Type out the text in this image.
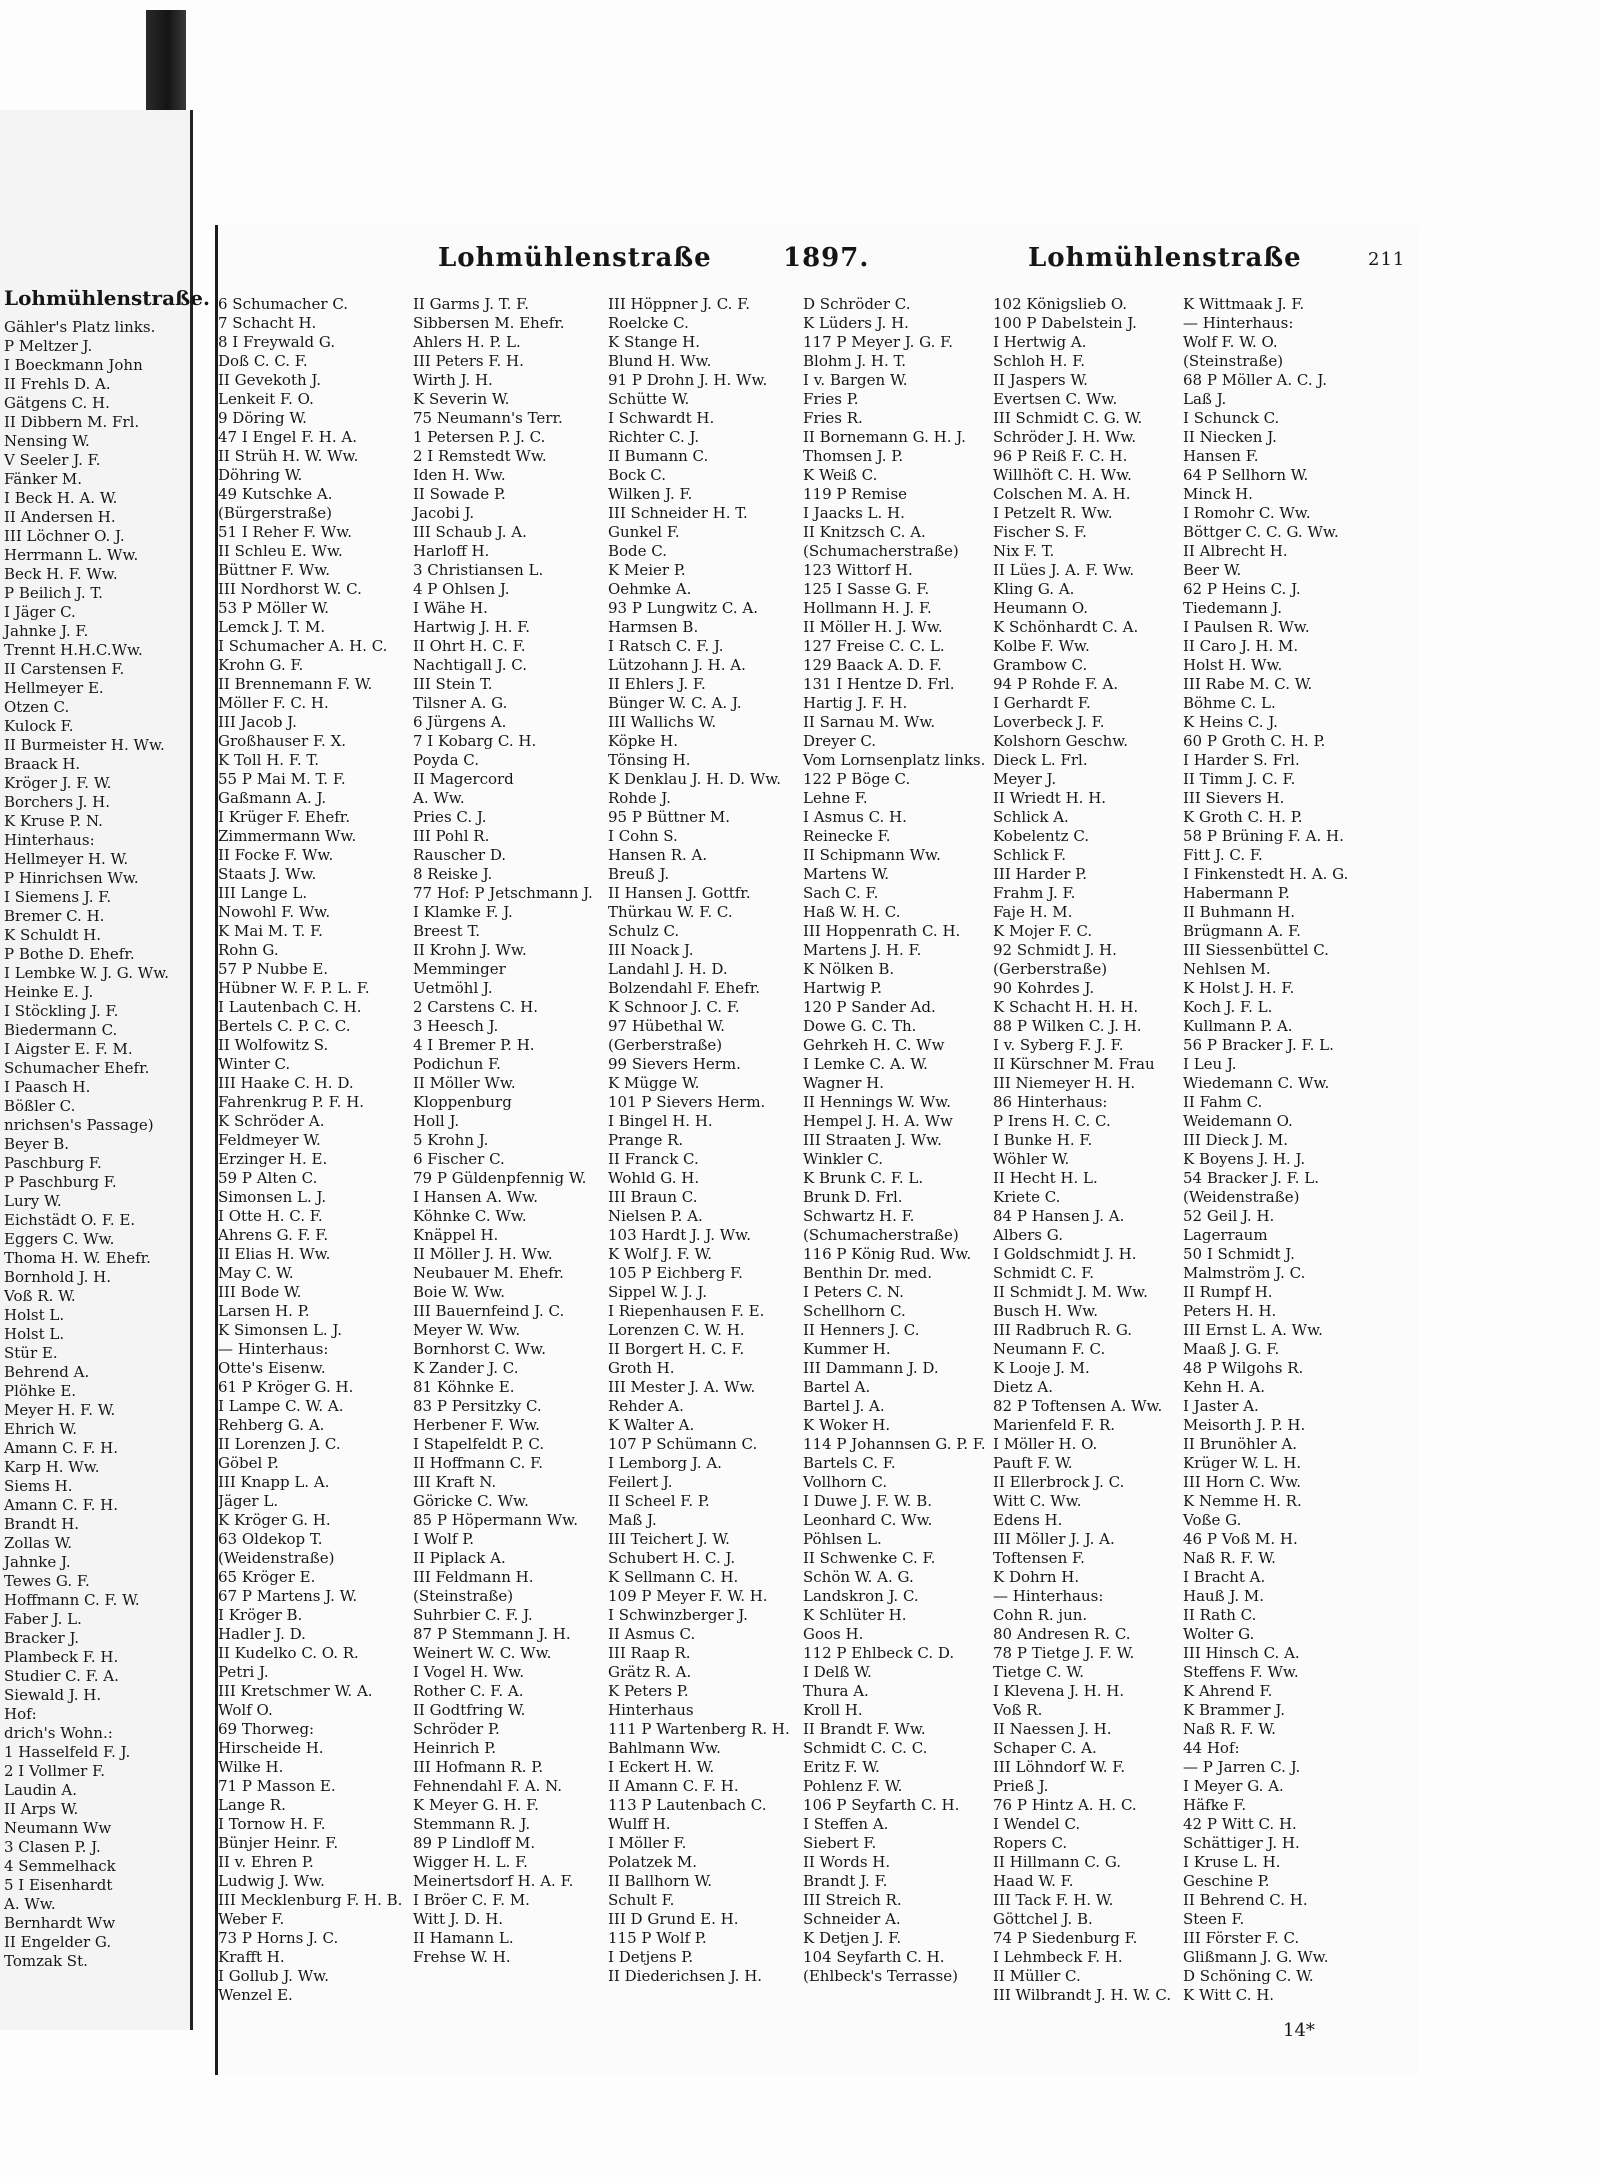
Lohmühlenstraße.
Gähler's Platz links.
P Meltzer J.
I Boeckmann John
II Frehls D. A.
Gätgens C. H.
II Dibbern M. Frl.
Nensing W.
V Seeler J. F.
Fänker M.
I Beck H. A. W.
II Andersen H.
III Löchner O. J.
Herrmann L. Ww.
Beck H. F. Ww.
P Beilich J. T.
I Jäger C.
Jahnke J. F.
Trennt H.H.C.Ww.
II Carstensen F.
Hellmeyer E.
Otzen C.
Kulock F.
II Burmeister H. Ww.
Braack H.
Kröger J. F. W.
Borchers J. H.
K Kruse P. N.
Hinterhaus:
Hellmeyer H. W.
P Hinrichsen Ww.
I Siemens J. F.
Bremer C. H.
K Schuldt H.
P Bothe D. Ehefr.
I Lembke W. J. G. Ww.
Heinke E. J.
I Stöckling J. F.
Biedermann C.
I Aigster E. F. M.
Schumacher Ehefr.
I Paasch H.
Bößler C.
nrichsen's Passage)
Beyer B.
Paschburg F.
P Paschburg F.
Lury W.
Eichstädt O. F. E.
Eggers C. Ww.
Thoma H. W. Ehefr.
Bornhold J. H.
Voß R. W.
Holst L.
Holst L.
Stür E.
Behrend A.
Plöhke E.
Meyer H. F. W.
Ehrich W.
Amann C. F. H.
Karp H. Ww.
Siems H.
Amann C. F. H.
Brandt H.
Zollas W.
Jahnke J.
Tewes G. F.
Hoffmann C. F. W.
Faber J. L.
Bracker J.
Plambeck F. H.
Studier C. F. A.
Siewald J. H.
Hof:
drich's Wohn.:
1 Hasselfeld F. J.
2 I Vollmer F.
Laudin A.
II Arps W.
Neumann Ww
3 Clasen P. J.
4 Semmelhack
5 I Eisenhardt
A. Ww.
Bernhardt Ww
II Engelder G.
Tomzak St.
Lohmühlenstraße	1897.	Lohmühlenstraße	211
6 Schumacher C.
7 Schacht H.
8 I Freywald G.
Doß C. C. F.
II Gevekoth J.
Lenkeit F. O.
9 Döring W.
47 I Engel F. H. A.
II Strüh H. W. Ww.
Döhring W.
49 Kutschke A.
(Bürgerstraße)
51 I Reher F. Ww.
II Schleu E. Ww.
Büttner F. Ww.
III Nordhorst W. C.
53 P Möller W.
Lemck J. T. M.
I Schumacher A. H. C.
Krohn G. F.
II Brennemann F. W.
Möller F. C. H.
III Jacob J.
Großhauser F. X.
K Toll H. F. T.
55 P Mai M. T. F.
Gaßmann A. J.
I Krüger F. Ehefr.
Zimmermann Ww.
II Focke F. Ww.
Staats J. Ww.
III Lange L.
Nowohl F. Ww.
K Mai M. T. F.
Rohn G.
57 P Nubbe E.
Hübner W. F. P. L. F.
I Lautenbach C. H.
Bertels C. P. C. C.
II Wolfowitz S.
Winter C.
III Haake C. H. D.
Fahrenkrug P. F. H.
K Schröder A.
Feldmeyer W.
Erzinger H. E.
59 P Alten C.
Simonsen L. J.
I Otte H. C. F.
Ahrens G. F. F.
II Elias H. Ww.
May C. W.
III Bode W.
Larsen H. P.
K Simonsen L. J.
— Hinterhaus:
Otte's Eisenw.
61 P Kröger G. H.
I Lampe C. W. A.
Rehberg G. A.
II Lorenzen J. C.
Göbel P.
III Knapp L. A.
Jäger L.
K Kröger G. H.
63 Oldekop T.
(Weidenstraße)
65 Kröger E.
67 P Martens J. W.
I Kröger B.
Hadler J. D.
II Kudelko C. O. R.
Petri J.
III Kretschmer W. A.
Wolf O.
69 Thorweg:
Hirscheide H.
Wilke H.
71 P Masson E.
Lange R.
I Tornow H. F.
Bünjer Heinr. F.
II v. Ehren P.
Ludwig J. Ww.
III Mecklenburg F. H. B.
Weber F.
73 P Horns J. C.
Krafft H.
I Gollub J. Ww.
Wenzel E.
II Garms J. T. F.
Sibbersen M. Ehefr.
Ahlers H. P. L.
III Peters F. H.
Wirth J. H.
K Severin W.
75 Neumann's Terr.
1 Petersen P. J. C.
2 I Remstedt Ww.
Iden H. Ww.
II Sowade P.
Jacobi J.
III Schaub J. A.
Harloff H.
3 Christiansen L.
4 P Ohlsen J.
I Wähe H.
Hartwig J. H. F.
II Ohrt H. C. F.
Nachtigall J. C.
III Stein T.
Tilsner A. G.
6 Jürgens A.
7 I Kobarg C. H.
Poyda C.
II Magercord
A. Ww.
Pries C. J.
III Pohl R.
Rauscher D.
8 Reiske J.
77 Hof: P Jetschmann J.
I Klamke F. J.
Breest T.
II Krohn J. Ww.
Memminger
Uetmöhl J.
2 Carstens C. H.
3 Heesch J.
4 I Bremer P. H.
Podichun F.
II Möller Ww.
Kloppenburg
Holl J.
5 Krohn J.
6 Fischer C.
79 P Güldenpfennig W.
I Hansen A. Ww.
Köhnke C. Ww.
Knäppel H.
II Möller J. H. Ww.
Neubauer M. Ehefr.
Boie W. Ww.
III Bauernfeind J. C.
Meyer W. Ww.
Bornhorst C. Ww.
K Zander J. C.
81 Köhnke E.
83 P Persitzky C.
Herbener F. Ww.
I Stapelfeldt P. C.
II Hoffmann C. F.
III Kraft N.
Göricke C. Ww.
85 P Höpermann Ww.
I Wolf P.
II Piplack A.
III Feldmann H.
(Steinstraße)
Suhrbier C. F. J.
87 P Stemmann J. H.
Weinert W. C. Ww.
I Vogel H. Ww.
Rother C. F. A.
II Godtfring W.
Schröder P.
Heinrich P.
III Hofmann R. P.
Fehnendahl F. A. N.
K Meyer G. H. F.
Stemmann R. J.
89 P Lindloff M.
Wigger H. L. F.
Meinertsdorf H. A. F.
I Bröer C. F. M.
Witt J. D. H.
II Hamann L.
Frehse W. H.
III Höppner J. C. F.
Roelcke C.
K Stange H.
Blund H. Ww.
91 P Drohn J. H. Ww.
Schütte W.
I Schwardt H.
Richter C. J.
II Bumann C.
Bock C.
Wilken J. F.
III Schneider H. T.
Gunkel F.
Bode C.
K Meier P.
Oehmke A.
93 P Lungwitz C. A.
Harmsen B.
I Ratsch C. F. J.
Lützohann J. H. A.
II Ehlers J. F.
Bünger W. C. A. J.
III Wallichs W.
Köpke H.
Tönsing H.
K Denklau J. H. D. Ww.
Rohde J.
95 P Büttner M.
I Cohn S.
Hansen R. A.
Breuß J.
II Hansen J. Gottfr.
Thürkau W. F. C.
Schulz C.
III Noack J.
Landahl J. H. D.
Bolzendahl F. Ehefr.
K Schnoor J. C. F.
97 Hübethal W.
(Gerberstraße)
99 Sievers Herm.
K Mügge W.
101 P Sievers Herm.
I Bingel H. H.
Prange R.
II Franck C.
Wohld G. H.
III Braun C.
Nielsen P. A.
103 Hardt J. J. Ww.
K Wolf J. F. W.
105 P Eichberg F.
Sippel W. J. J.
I Riepenhausen F. E.
Lorenzen C. W. H.
II Borgert H. C. F.
Groth H.
III Mester J. A. Ww.
Rehder A.
K Walter A.
107 P Schümann C.
I Lemborg J. A.
Feilert J.
II Scheel F. P.
Maß J.
III Teichert J. W.
Schubert H. C. J.
K Sellmann C. H.
109 P Meyer F. W. H.
I Schwinzberger J.
II Asmus C.
III Raap R.
Grätz R. A.
K Peters P.
Hinterhaus
111 P Wartenberg R. H.
Bahlmann Ww.
I Eckert H. W.
II Amann C. F. H.
113 P Lautenbach C.
Wulff H.
I Möller F.
Polatzek M.
II Ballhorn W.
Schult F.
III D Grund E. H.
115 P Wolf P.
I Detjens P.
II Diederichsen J. H.
D Schröder C.
K Lüders J. H.
117 P Meyer J. G. F.
Blohm J. H. T.
I v. Bargen W.
Fries P.
Fries R.
II Bornemann G. H. J.
Thomsen J. P.
K Weiß C.
119 P Remise
I Jaacks L. H.
II Knitzsch C. A.
(Schumacherstraße)
123 Wittorf H.
125 I Sasse G. F.
Hollmann H. J. F.
II Möller H. J. Ww.
127 Freise C. C. L.
129 Baack A. D. F.
131 I Hentze D. Frl.
Hartig J. F. H.
II Sarnau M. Ww.
Dreyer C.
Vom Lornsenplatz links.
122 P Böge C.
Lehne F.
I Asmus C. H.
Reinecke F.
II Schipmann Ww.
Martens W.
Sach C. F.
Haß W. H. C.
III Hoppenrath C. H.
Martens J. H. F.
K Nölken B.
Hartwig P.
120 P Sander Ad.
Dowe G. C. Th.
Gehrkeh H. C. Ww
I Lemke C. A. W.
Wagner H.
II Hennings W. Ww.
Hempel J. H. A. Ww
III Straaten J. Ww.
Winkler C.
K Brunk C. F. L.
Brunk D. Frl.
Schwartz H. F.
(Schumacherstraße)
116 P König Rud. Ww.
Benthin Dr. med.
I Peters C. N.
Schellhorn C.
II Henners J. C.
Kummer H.
III Dammann J. D.
Bartel A.
Bartel J. A.
K Woker H.
114 P Johannsen G. P. F.
Bartels C. F.
Vollhorn C.
I Duwe J. F. W. B.
Leonhard C. Ww.
Pöhlsen L.
II Schwenke C. F.
Schön W. A. G.
Landskron J. C.
K Schlüter H.
Goos H.
112 P Ehlbeck C. D.
I Delß W.
Thura A.
Kroll H.
II Brandt F. Ww.
Schmidt C. C. C.
Eritz F. W.
Pohlenz F. W.
106 P Seyfarth C. H.
I Steffen A.
Siebert F.
II Words H.
Brandt J. F.
III Streich R.
Schneider A.
K Detjen J. F.
104 Seyfarth C. H.
(Ehlbeck's Terrasse)
102 Königslieb O.
100 P Dabelstein J.
I Hertwig A.
Schloh H. F.
II Jaspers W.
Evertsen C. Ww.
III Schmidt C. G. W.
Schröder J. H. Ww.
96 P Reiß F. C. H.
Willhöft C. H. Ww.
Colschen M. A. H.
I Petzelt R. Ww.
Fischer S. F.
Nix F. T.
II Lües J. A. F. Ww.
Kling G. A.
Heumann O.
K Schönhardt C. A.
Kolbe F. Ww.
Grambow C.
94 P Rohde F. A.
I Gerhardt F.
Loverbeck J. F.
Kolshorn Geschw.
Dieck L. Frl.
Meyer J.
II Wriedt H. H.
Schlick A.
Kobelentz C.
Schlick F.
III Harder P.
Frahm J. F.
Faje H. M.
K Mojer F. C.
92 Schmidt J. H.
(Gerberstraße)
90 Kohrdes J.
K Schacht H. H. H.
88 P Wilken C. J. H.
I v. Syberg F. J. F.
II Kürschner M. Frau
III Niemeyer H. H.
86 Hinterhaus:
P Irens H. C. C.
I Bunke H. F.
Wöhler W.
II Hecht H. L.
Kriete C.
84 P Hansen J. A.
Albers G.
I Goldschmidt J. H.
Schmidt C. F.
II Schmidt J. M. Ww.
Busch H. Ww.
III Radbruch R. G.
Neumann F. C.
K Looje J. M.
Dietz A.
82 P Toftensen A. Ww.
Marienfeld F. R.
I Möller H. O.
Pauft F. W.
II Ellerbrock J. C.
Witt C. Ww.
Edens H.
III Möller J. J. A.
Toftensen F.
K Dohrn H.
— Hinterhaus:
Cohn R. jun.
80 Andresen R. C.
78 P Tietge J. F. W.
Tietge C. W.
I Klevena J. H. H.
Voß R.
II Naessen J. H.
Schaper C. A.
III Löhndorf W. F.
Prieß J.
76 P Hintz A. H. C.
I Wendel C.
Ropers C.
II Hillmann C. G.
Haad W. F.
III Tack F. H. W.
Göttchel J. B.
74 P Siedenburg F.
I Lehmbeck F. H.
II Müller C.
III Wilbrandt J. H. W. C.
K Wittmaak J. F.
— Hinterhaus:
Wolf F. W. O.
(Steinstraße)
68 P Möller A. C. J.
Laß J.
I Schunck C.
II Niecken J.
Hansen F.
64 P Sellhorn W.
Minck H.
I Romohr C. Ww.
Böttger C. C. G. Ww.
II Albrecht H.
Beer W.
62 P Heins C. J.
Tiedemann J.
I Paulsen R. Ww.
II Caro J. H. M.
Holst H. Ww.
III Rabe M. C. W.
Böhme C. L.
K Heins C. J.
60 P Groth C. H. P.
I Harder S. Frl.
II Timm J. C. F.
III Sievers H.
K Groth C. H. P.
58 P Brüning F. A. H.
Fitt J. C. F.
I Finkenstedt H. A. G.
Habermann P.
II Buhmann H.
Brügmann A. F.
III Siessenbüttel C.
Nehlsen M.
K Holst J. H. F.
Koch J. F. L.
Kullmann P. A.
56 P Bracker J. F. L.
I Leu J.
Wiedemann C. Ww.
II Fahm C.
Weidemann O.
III Dieck J. M.
K Boyens J. H. J.
54 Bracker J. F. L.
(Weidenstraße)
52 Geil J. H.
Lagerraum
50 I Schmidt J.
Malmström J. C.
II Rumpf H.
Peters H. H.
III Ernst L. A. Ww.
Maaß J. G. F.
48 P Wilgohs R.
Kehn H. A.
I Jaster A.
Meisorth J. P. H.
II Brunöhler A.
Krüger W. L. H.
III Horn C. Ww.
K Nemme H. R.
Voße G.
46 P Voß M. H.
Naß R. F. W.
I Bracht A.
Hauß J. M.
II Rath C.
Wolter G.
III Hinsch C. A.
Steffens F. Ww.
K Ahrend F.
K Brammer J.
Naß R. F. W.
44 Hof:
— P Jarren C. J.
I Meyer G. A.
Häfke F.
42 P Witt C. H.
Schättiger J. H.
I Kruse L. H.
Geschine P.
II Behrend C. H.
Steen F.
III Förster F. C.
Glißmann J. G. Ww.
D Schöning C. W.
K Witt C. H.
14*
